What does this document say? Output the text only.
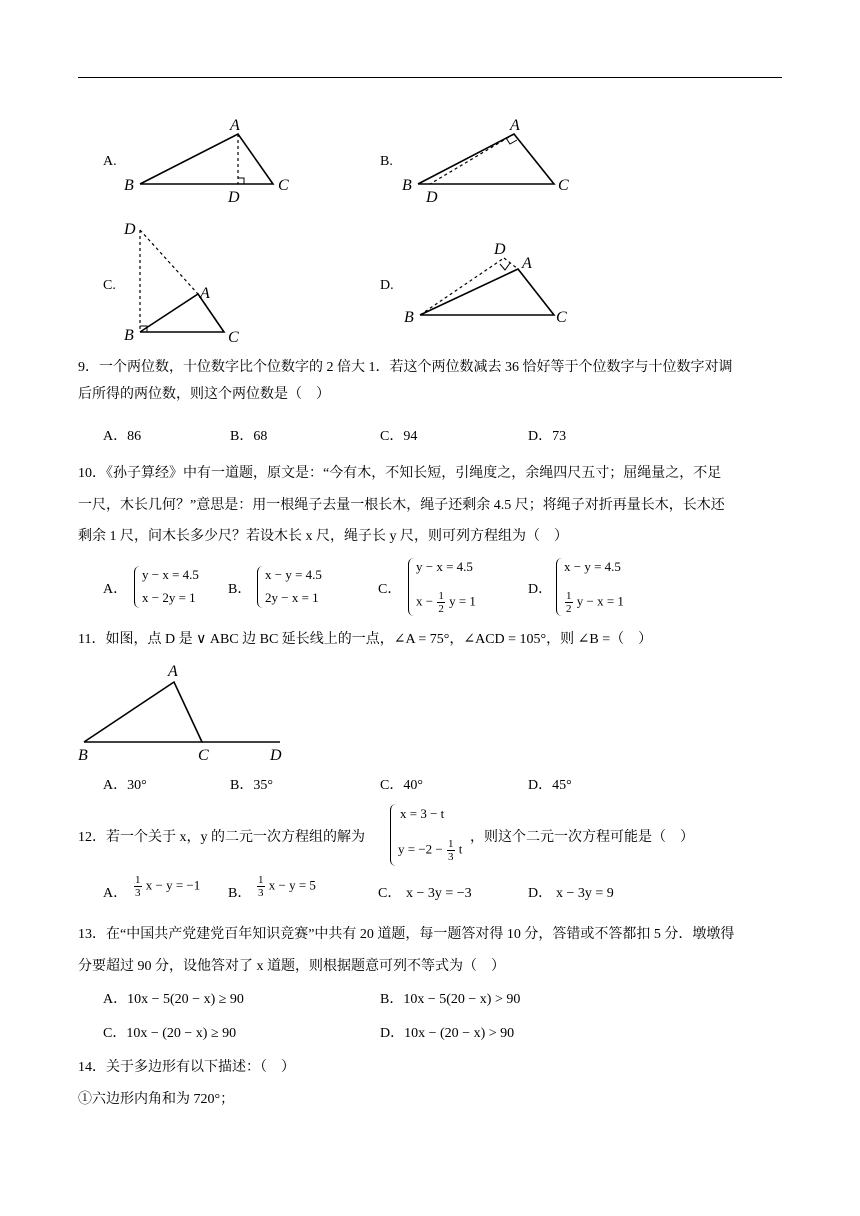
A.
A
B	C
D
B.
A
B	C
D
C.
D
A
B	C
D.
D
A
B	C
9．一个两位数，十位数字比个位数字的 2 倍大 1．若这个两位数减去 36 恰好等于个位数字与十位数字对调
后所得的两位数，则这个两位数是（　）
A．86	B．68	C．94	D．73
10．《孙子算经》中有一道题，原文是：“今有木，不知长短，引绳度之，余绳四尺五寸；屈绳量之，不足
一尺，木长几何？”意思是：用一根绳子去量一根长木，绳子还剩余 4.5 尺；将绳子对折再量长木，长木还
剩余 1 尺，问木长多少尺？若设木长 x 尺，绳子长 y 尺，则可列方程组为（　）
A．
y − x = 4.5
x − 2y = 1
B．
x − y = 4.5
2y − x = 1
C．
y − x = 4.5
$x - \frac{1}{2}$ y = 1
D．
x − y = 4.5
$\frac{1}{2}$ y − x = 1
11．如图，点 D 是 ∨ ABC 边 BC 延长线上的一点，∠A = 75°，∠ACD = 105°，则 ∠B =（　）
A
B	C	D
A．30°	B．35°	C．40°	D．45°
12．若一个关于 x，y 的二元一次方程组的解为
x = 3 − t
$y = -2 - \frac{1}{3}$ t
，则这个二元一次方程可能是（　）
A． $\frac{1}{3}$ x − y = −1
B． $\frac{1}{3}$ x − y = 5
C． x − 3y = −3	D． x − 3y = 9
13．在“中国共产党建党百年知识竞赛”中共有 20 道题，每一题答对得 10 分，答错或不答都扣 5 分．墩墩得
分要超过 90 分，设他答对了 x 道题，则根据题意可列不等式为（　）
A．10x − 5(20 − x) ≥ 90	B．10x − 5(20 − x) > 90
C．10x − (20 − x) ≥ 90	D．10x − (20 − x) > 90
14．关于多边形有以下描述：（　）
①六边形内角和为 720°；
